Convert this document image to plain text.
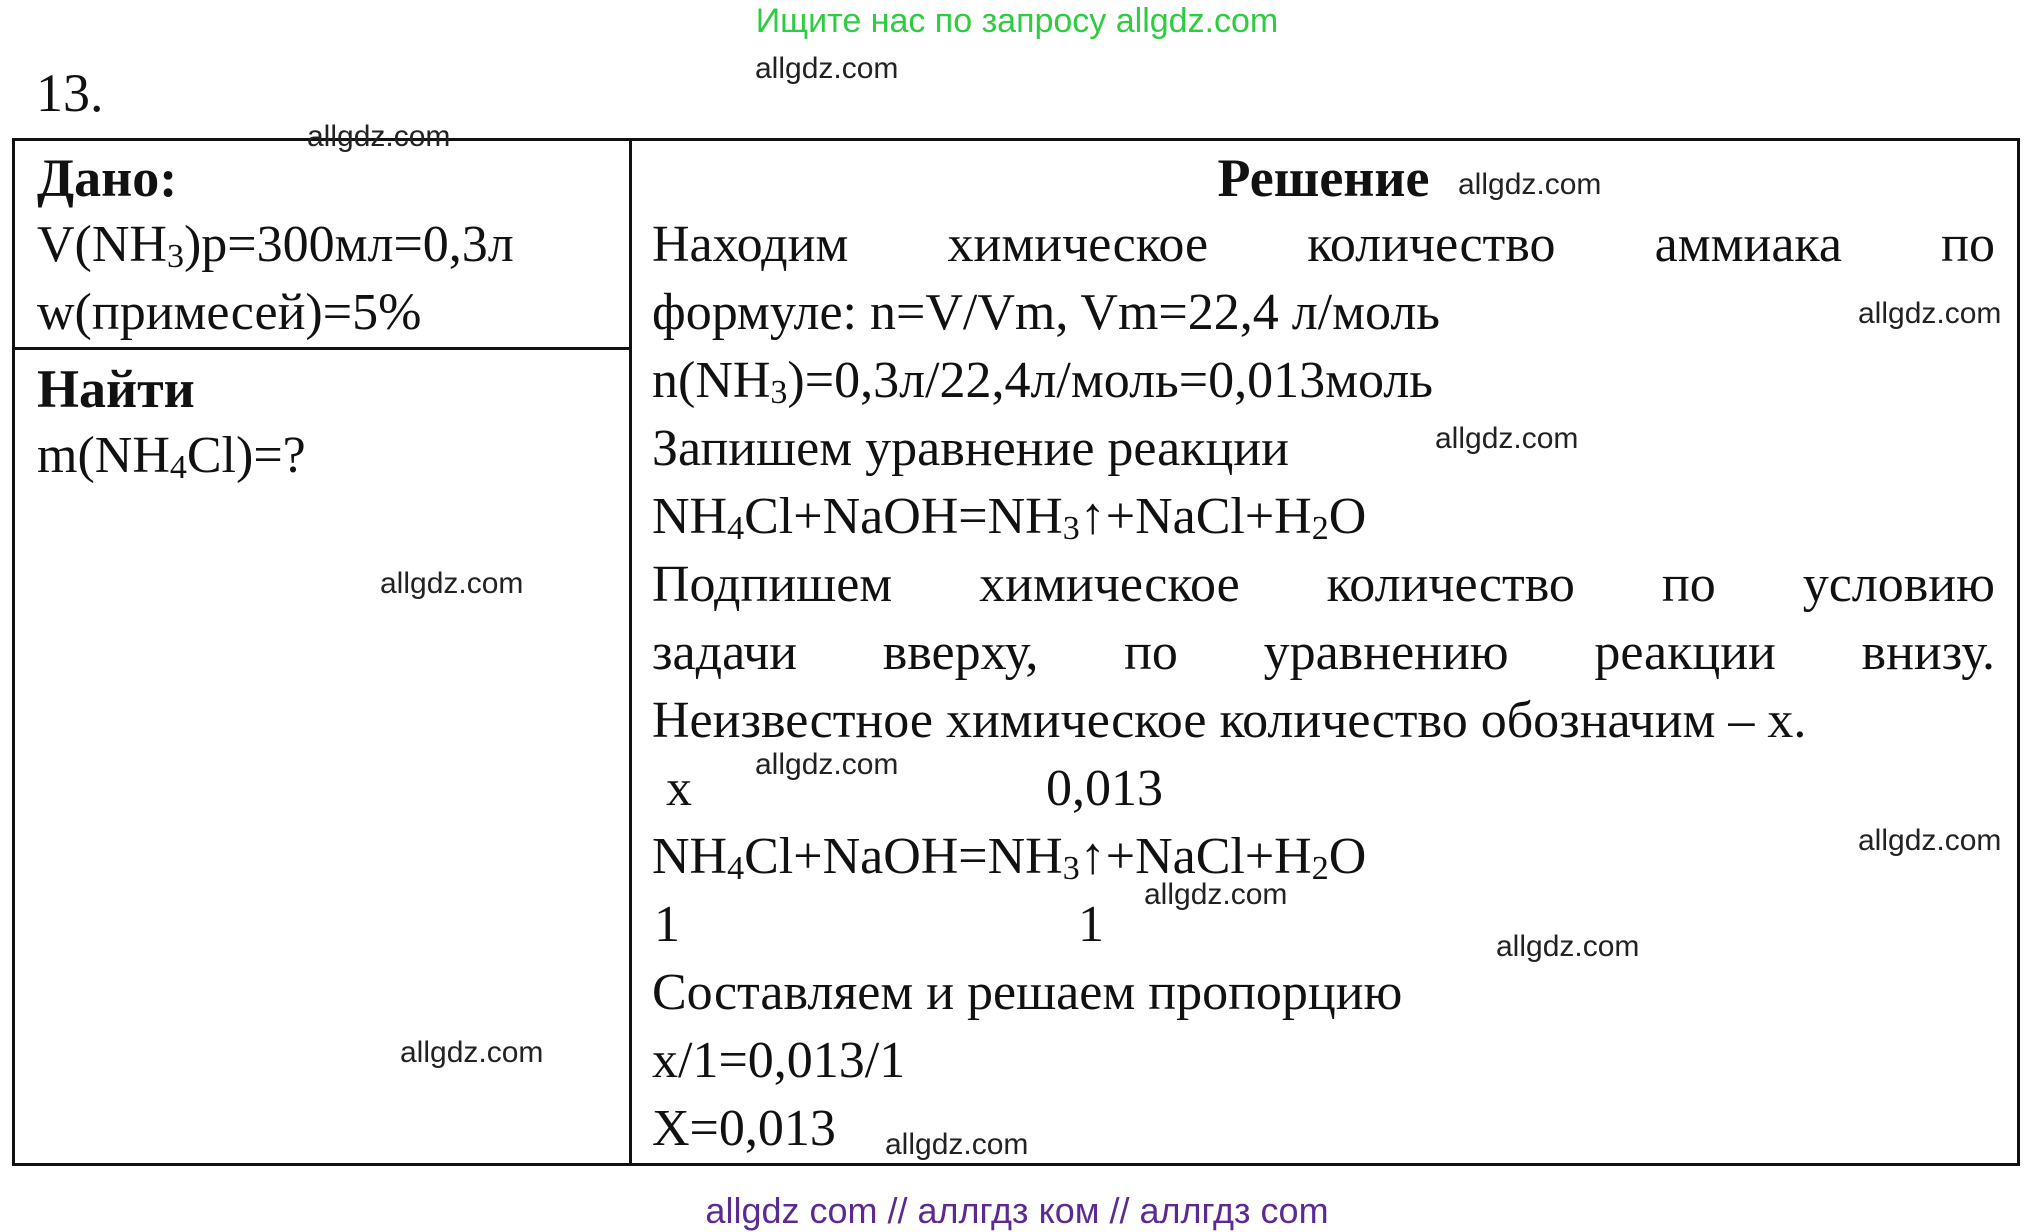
Ищите нас по запросу allgdz.com

13.
Дано:
$V(NH_3)р=300мл=0,3л$
w(примесей)=5%

Решение
Находим химическое количество аммиака по
формуле: n=V/Vm, Vm=22,4 л/моль
$n(NH_3)=0,3л/22,4л/моль=0,013моль$
Запишем уравнение реакции
$NH_4Cl+NaOH=NH_3↑+NaCl+H_2O$
Подпишем химическое количество по условию
задачи вверху, по уравнению реакции внизу.
Неизвестное химическое количество обозначим – х.
х	0,013
$NH_4Cl+NaOH=NH_3↑+NaCl+H_2O$
1	1
Составляем и решаем пропорцию
х/1=0,013/1
Х=0,013

Найти
$m(NH_4Cl)=$?
allgdz.com
allgdz.com
allgdz.com
allgdz.com
allgdz.com
allgdz.com
allgdz.com
allgdz.com
allgdz.com
allgdz.com
allgdz.com
allgdz.com
allgdz com // аллгдз ком // аллгдз com
